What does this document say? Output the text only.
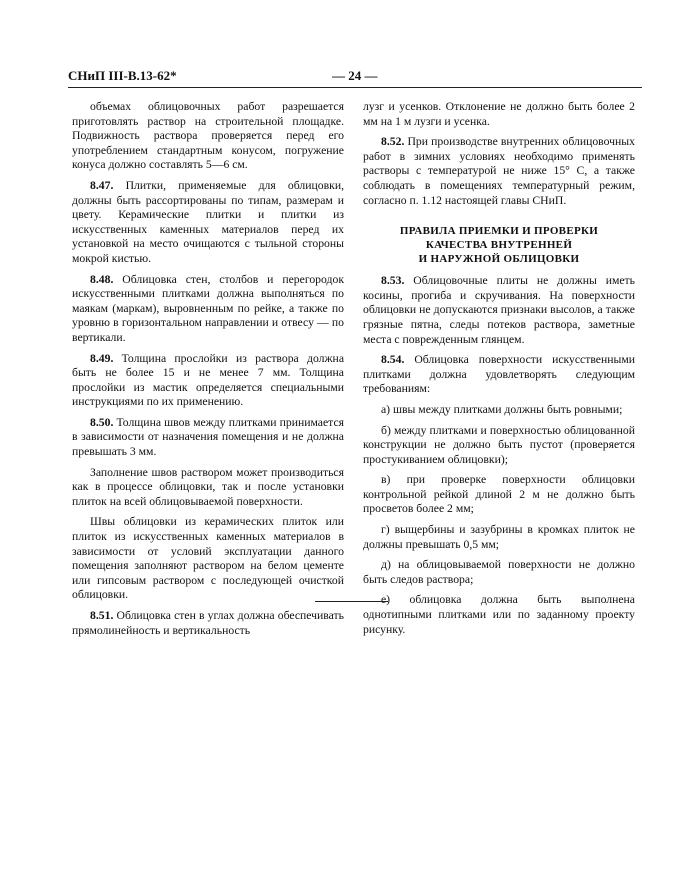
СНиП III-В.13-62*	— 24 —

объемах облицовочных работ разрешается приготовлять раствор на строительной площадке. Подвижность раствора проверяется перед его употреблением стандартным конусом, погружение конуса должно составлять 5—6 см.

8.47. Плитки, применяемые для облицовки, должны быть рассортированы по типам, размерам и цвету. Керамические плитки и плитки из искусственных каменных материалов перед их установкой на место очищаются с тыльной стороны мокрой кистью.

8.48. Облицовка стен, столбов и перегородок искусственными плитками должна выполняться по маякам (маркам), выровненным по рейке, а также по уровню в горизонтальном направлении и отвесу — по вертикали.

8.49. Толщина прослойки из раствора должна быть не более 15 и не менее 7 мм. Толщина прослойки из мастик определяется специальными инструкциями по их применению.

8.50. Толщина швов между плитками принимается в зависимости от назначения помещения и не должна превышать 3 мм.

Заполнение швов раствором может производиться как в процессе облицовки, так и после установки плиток на всей облицовываемой поверхности.

Швы облицовки из керамических плиток или плиток из искусственных каменных материалов в зависимости от условий эксплуатации данного помещения заполняют раствором на белом цементе или гипсовым раствором с последующей очисткой облицовки.

8.51. Облицовка стен в углах должна обеспечивать прямолинейность и вертикальность

лузг и усенков. Отклонение не должно быть более 2 мм на 1 м лузги и усенка.

8.52. При производстве внутренних облицовочных работ в зимних условиях необходимо применять растворы с температурой не ниже 15° С, а также соблюдать в помещениях температурный режим, согласно п. 1.12 настоящей главы СНиП.

ПРАВИЛА ПРИЕМКИ И ПРОВЕРКИ
КАЧЕСТВА ВНУТРЕННЕЙ
И НАРУЖНОЙ ОБЛИЦОВКИ

8.53. Облицовочные плиты не должны иметь косины, прогиба и скручивания. На поверхности облицовки не допускаются признаки высолов, а также грязные пятна, следы потеков раствора, заметные места с поврежденным глянцем.

8.54. Облицовка поверхности искусственными плитками должна удовлетворять следующим требованиям:

а) швы между плитками должны быть ровными;

б) между плитками и поверхностью облицованной конструкции не должно быть пустот (проверяется простукиванием облицовки);

в) при проверке поверхности облицовки контрольной рейкой длиной 2 м не должно быть просветов более 2 мм;

г) выщербины и зазубрины в кромках плиток не должны превышать 0,5 мм;

д) на облицовываемой поверхности не должно быть следов раствора;

е) облицовка должна быть выполнена однотипными плитками или по заданному проекту рисунку.
